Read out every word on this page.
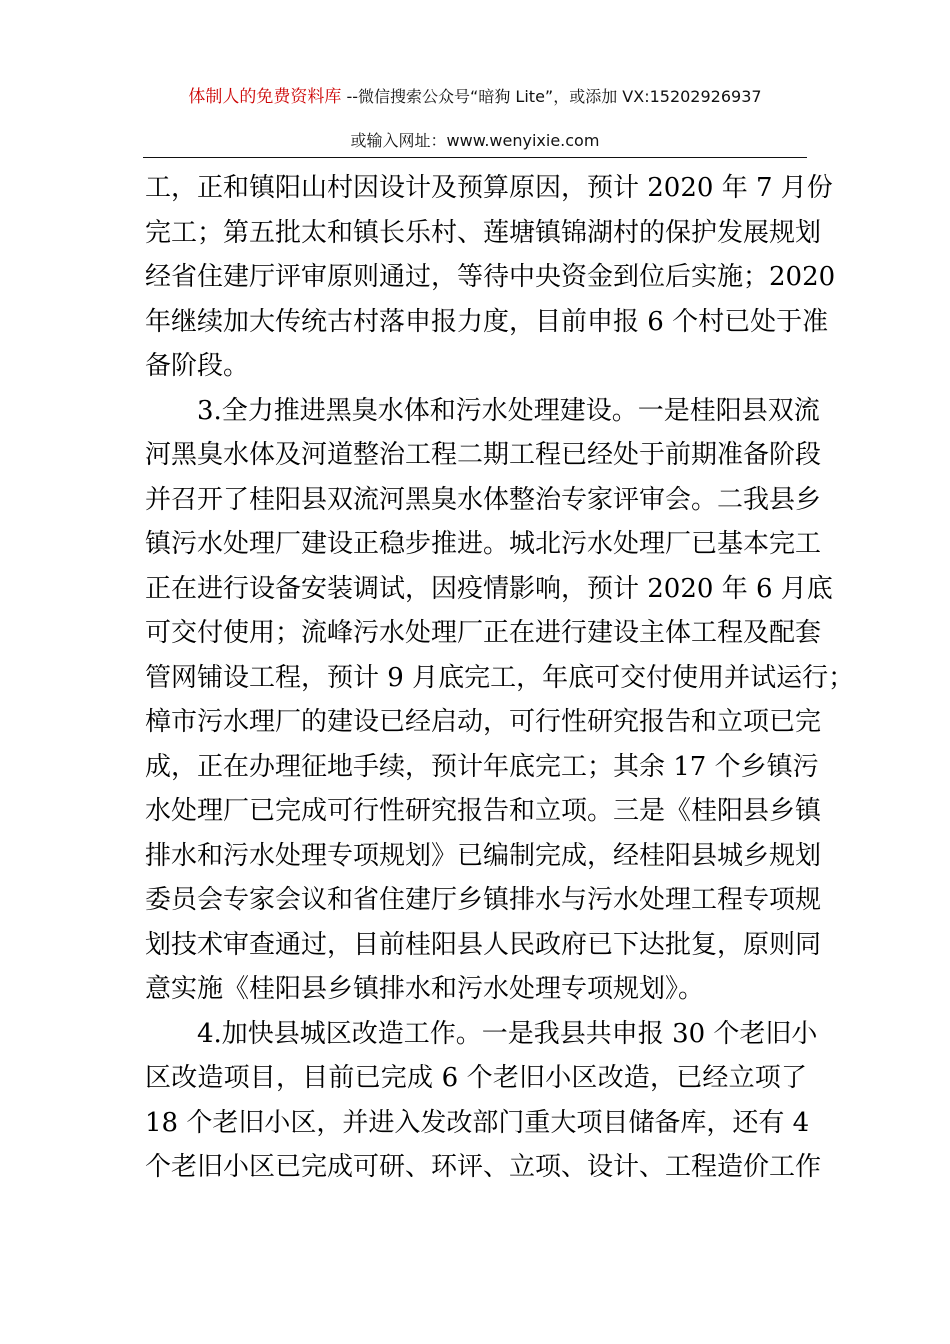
体制人的免费资料库 --微信搜索公众号“暗狗 Lite”，或添加 VX:15202926937
或输入网址：www.wenyixie.com
工，正和镇阳山村因设计及预算原因，预计 2020 年 7 月份
完工；第五批太和镇长乐村、莲塘镇锦湖村的保护发展规划
经省住建厅评审原则通过，等待中央资金到位后实施；2020
年继续加大传统古村落申报力度，目前申报 6 个村已处于准
备阶段。
3.全力推进黑臭水体和污水处理建设。一是桂阳县双流
河黑臭水体及河道整治工程二期工程已经处于前期准备阶段
并召开了桂阳县双流河黑臭水体整治专家评审会。二我县乡
镇污水处理厂建设正稳步推进。城北污水处理厂已基本完工
正在进行设备安装调试，因疫情影响，预计 2020 年 6 月底
可交付使用；流峰污水处理厂正在进行建设主体工程及配套
管网铺设工程，预计 9 月底完工，年底可交付使用并试运行；
樟市污水理厂的建设已经启动，可行性研究报告和立项已完
成，正在办理征地手续，预计年底完工；其余 17 个乡镇污
水处理厂已完成可行性研究报告和立项。三是《桂阳县乡镇
排水和污水处理专项规划》已编制完成，经桂阳县城乡规划
委员会专家会议和省住建厅乡镇排水与污水处理工程专项规
划技术审查通过，目前桂阳县人民政府已下达批复，原则同
意实施《桂阳县乡镇排水和污水处理专项规划》。
4.加快县城区改造工作。一是我县共申报 30 个老旧小
区改造项目，目前已完成 6 个老旧小区改造，已经立项了
18 个老旧小区，并进入发改部门重大项目储备库，还有 4
个老旧小区已完成可研、环评、立项、设计、工程造价工作
